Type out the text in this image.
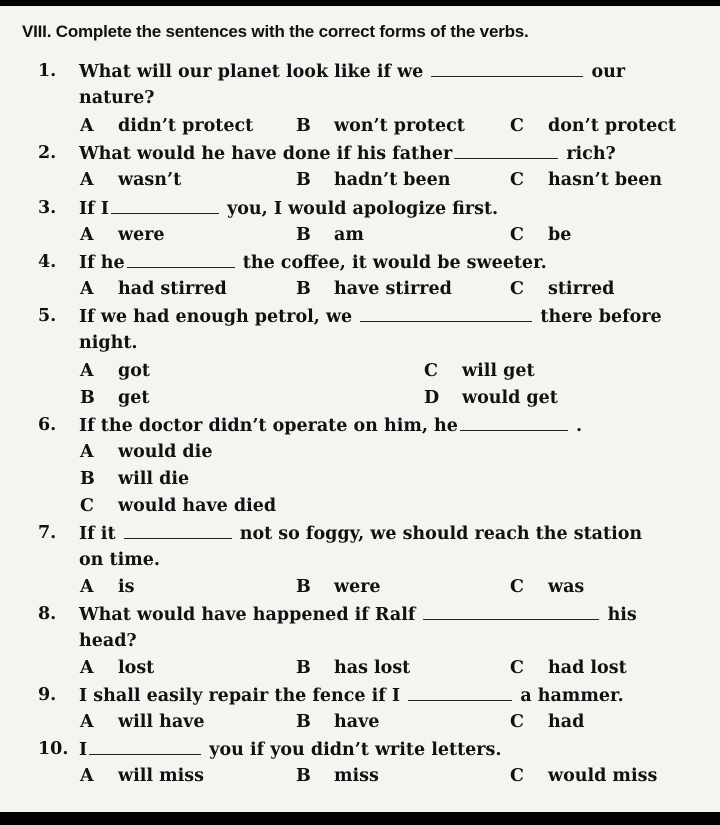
VIII. Complete the sentences with the correct forms of the verbs.
1. What will our planet look like if we	our
nature?
A didn’t protect B won’t protect	C don’t protect
2. What would he have done if his father	rich?
A wasn’t	B hadn’t been	C hasn’t been
3. If I	you, I would apologize first.
A were	B am	C be
4. If he	the coffee, it would be sweeter.
A had stirred	B have stirred	C stirred
5. If we had enough petrol, we	there before
night.
A got	C will get
B get	D would get
6. If the doctor didn’t operate on him, he	.
A would die
B will die
C would have died
7. If it	not so foggy, we should reach the station
on time.
A is	B were	C was
8. What would have happened if Ralf	his
head?
A lost	B has lost	C had lost
9. I shall easily repair the fence if I	a hammer.
A will have	B have	C had
10. I	you if you didn’t write letters.
A will miss	B miss	C would miss
